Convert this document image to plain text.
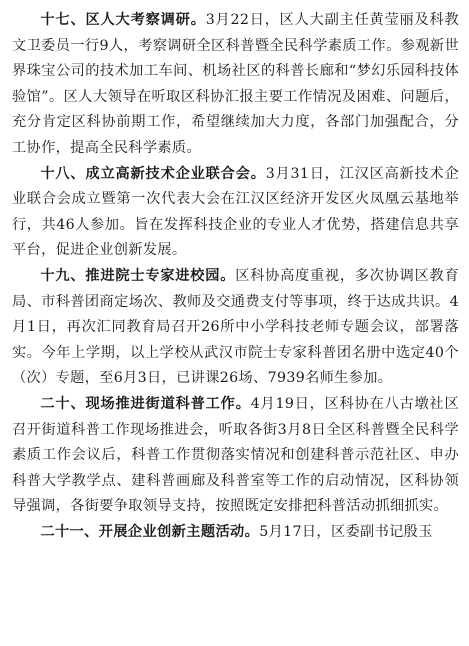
十七、区人大考察调研。3月22日，区人大副主任黄莹丽及科教文卫委员一行9人，考察调研全区科普暨全民科学素质工作。参观新世界珠宝公司的技术加工车间、机场社区的科普长廊和“梦幻乐园科技体验馆”。区人大领导在听取区科协汇报主要工作情况及困难、问题后，充分肯定区科协前期工作，希望继续加大力度，各部门加强配合，分工协作，提高全民科学素质。

十八、成立高新技术企业联合会。3月31日，江汉区高新技术企业联合会成立暨第一次代表大会在江汉区经济开发区火凤凰云基地举行，共46人参加。旨在发挥科技企业的专业人才优势，搭建信息共享平台，促进企业创新发展。

十九、推进院士专家进校园。区科协高度重视，多次协调区教育局、市科普团商定场次、教师及交通费支付等事项，终于达成共识。4月1日，再次汇同教育局召开26所中小学科技老师专题会议，部署落实。今年上学期，以上学校从武汉市院士专家科普团名册中选定40个（次）专题，至6月3日，已讲课26场、7939名师生参加。

二十、现场推进街道科普工作。4月19日，区科协在八古墩社区召开街道科普工作现场推进会，听取各街3月8日全区科普暨全民科学素质工作会议后，科普工作贯彻落实情况和创建科普示范社区、申办科普大学教学点、建科普画廊及科普室等工作的启动情况，区科协领导强调，各街要争取领导支持，按照既定安排把科普活动抓细抓实。

二十一、开展企业创新主题活动。5月17日，区委副书记殷玉
